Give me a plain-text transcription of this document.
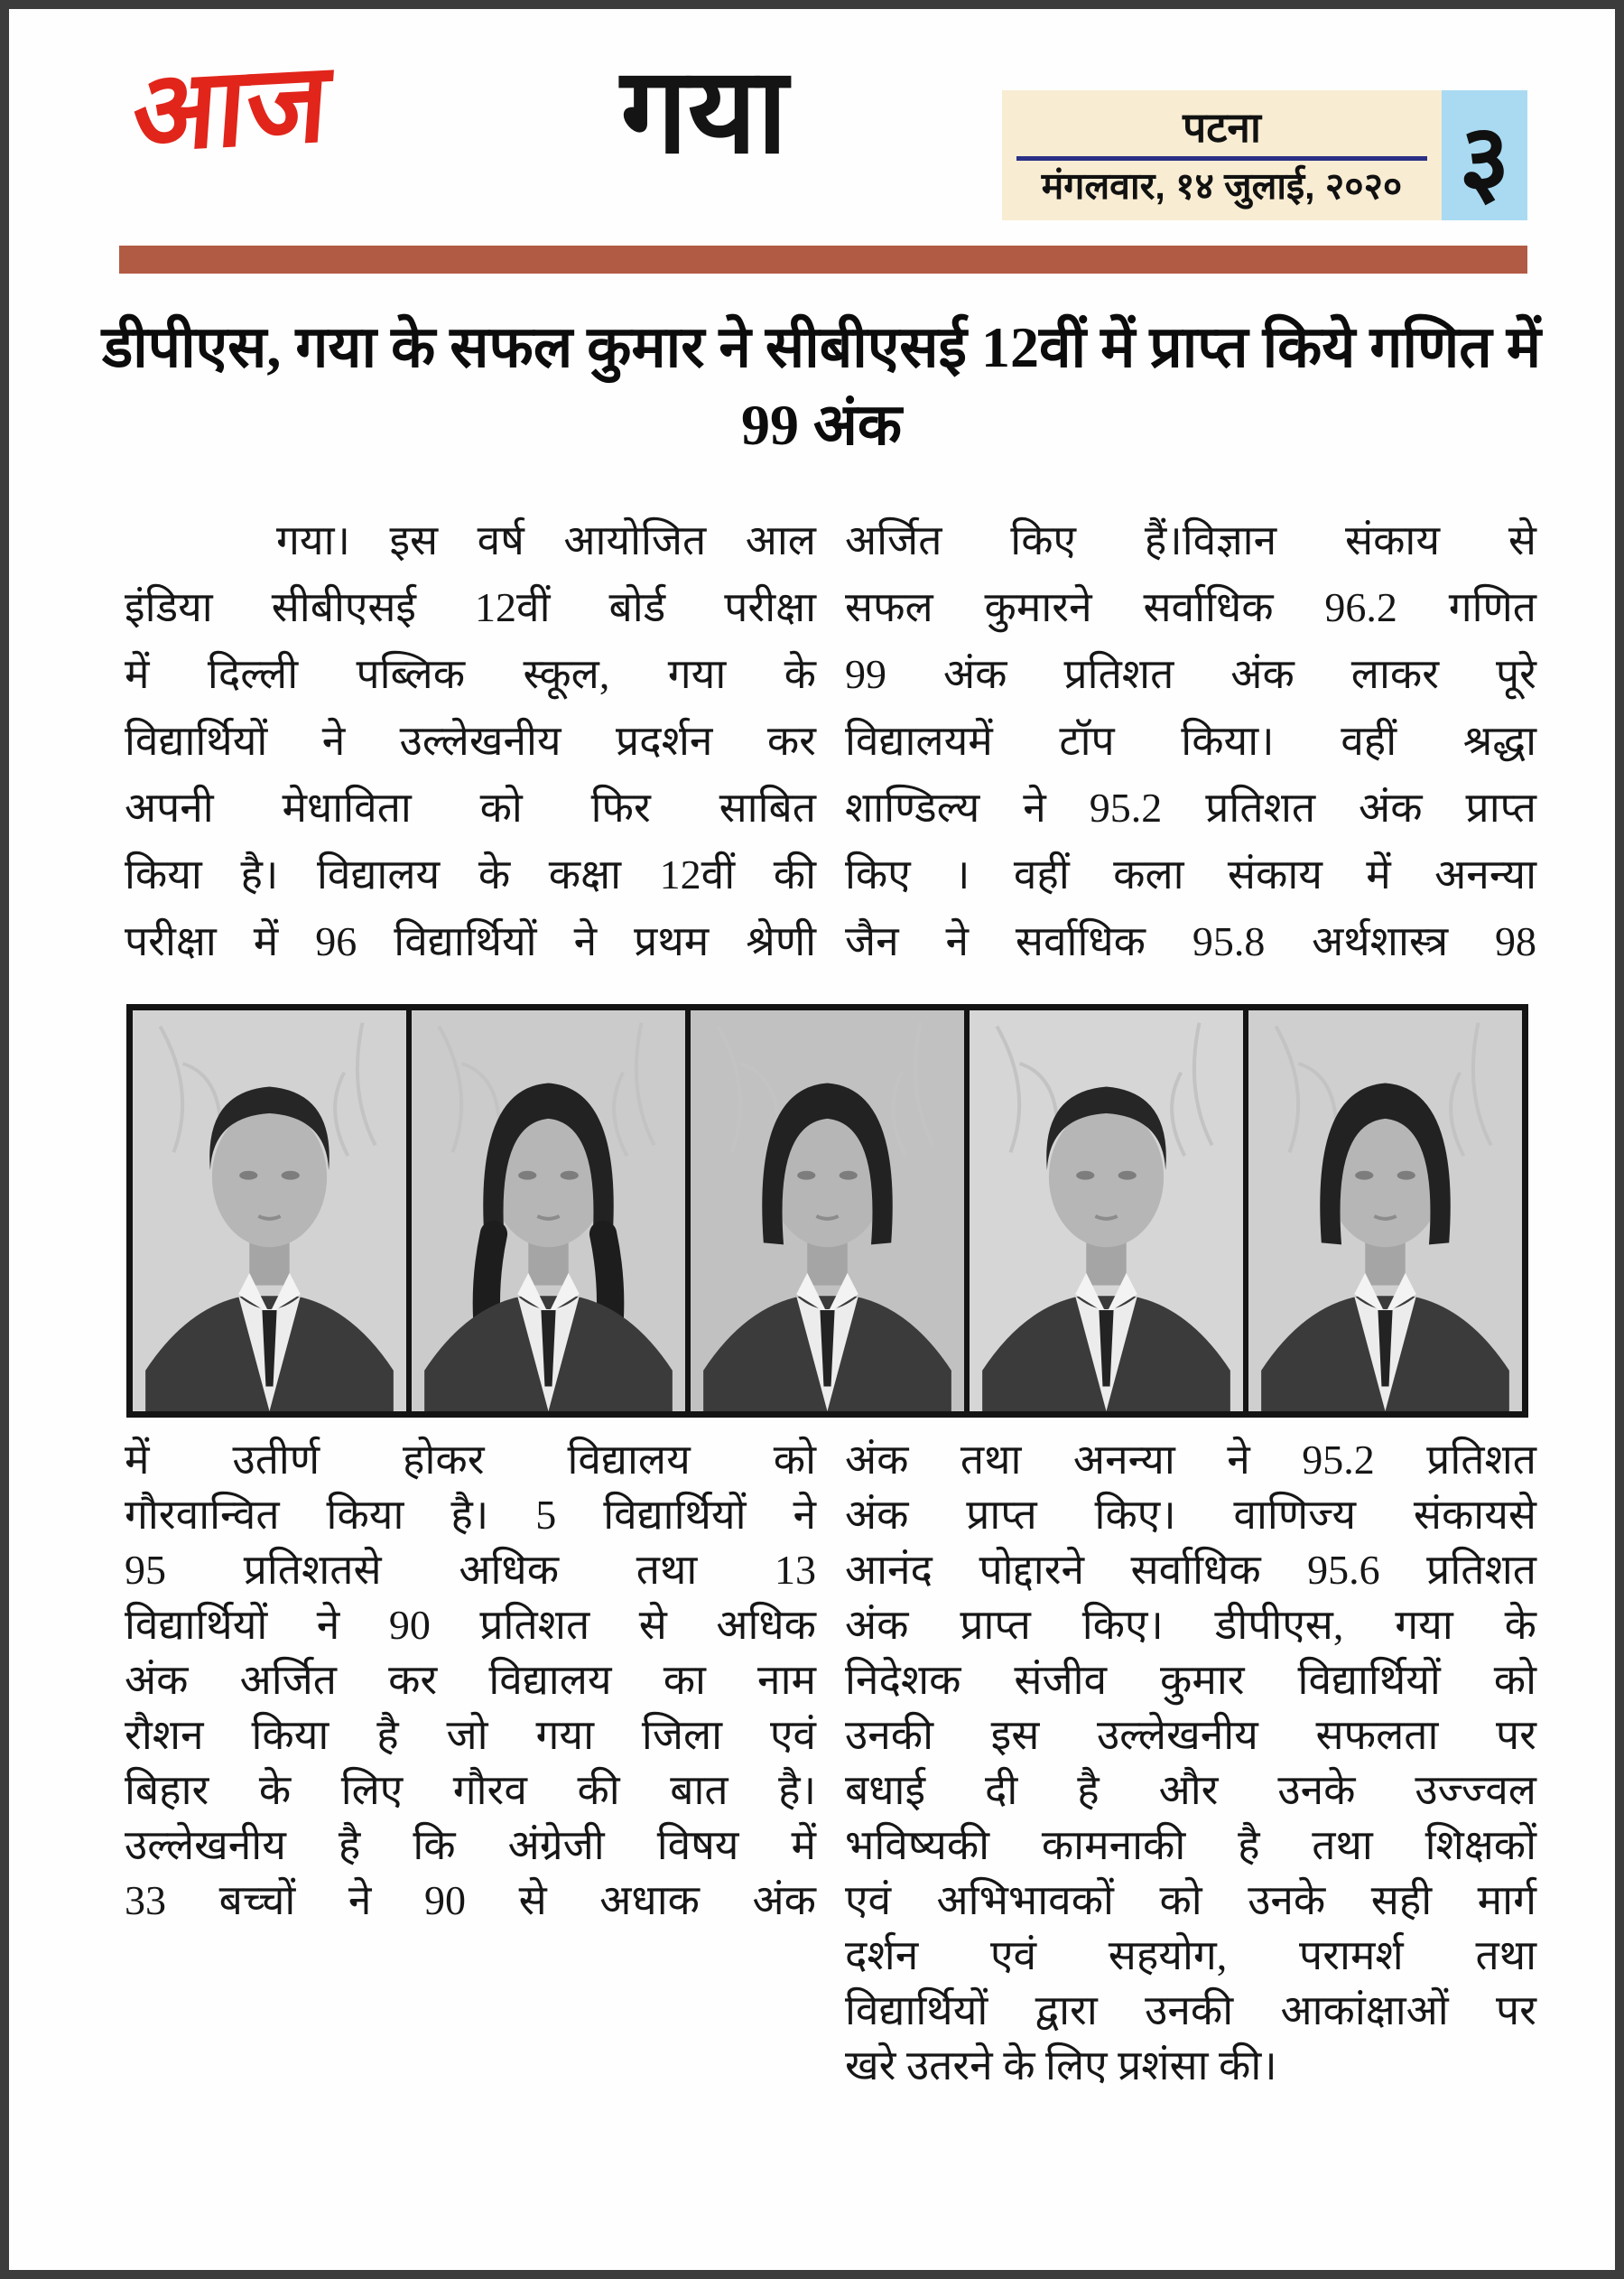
आज	गया	पटना
मंगलवार, १४ जुलाई, २०२० ३
डीपीएस, गया के सफल कुमार ने सीबीएसई 12वीं में प्राप्त किये गणित में 99 अंक
गया। इस वर्ष आयोजित आल
इंडिया सीबीएसई 12वीं बोर्ड परीक्षा
में दिल्ली पब्लिक स्कूल, गया के
विद्यार्थियों ने उल्लेखनीय प्रदर्शन कर
अपनी मेधाविता को फिर साबित
किया है। विद्यालय के कक्षा 12वीं की
परीक्षा में 96 विद्यार्थियों ने प्रथम श्रेणी
अर्जित किए हैं।विज्ञान संकाय से
सफल कुमारने सर्वाधिक 96.2 गणित
99 अंक प्रतिशत अंक लाकर पूरे
विद्यालयमें टॉप किया। वहीं श्रद्धा
शाण्डिल्य ने 95.2 प्रतिशत अंक प्राप्त
किए । वहीं कला संकाय में अनन्या
जैन ने सर्वाधिक 95.8 अर्थशास्त्र 98
में उतीर्ण होकर विद्यालय को
गौरवान्वित किया है। 5 विद्यार्थियों ने
95 प्रतिशतसे अधिक तथा 13
विद्यार्थियों ने 90 प्रतिशत से अधिक
अंक अर्जित कर विद्यालय का नाम
रौशन किया है जो गया जिला एवं
बिहार के लिए गौरव की बात है।
उल्लेखनीय है कि अंग्रेजी विषय में
33 बच्चों ने 90 से अधाक अंक
अंक तथा अनन्या ने 95.2 प्रतिशत
अंक प्राप्त किए। वाणिज्य संकायसे
आनंद पोद्दारने सर्वाधिक 95.6 प्रतिशत
अंक प्राप्त किए। डीपीएस, गया के
निदेशक संजीव कुमार विद्यार्थियों को
उनकी इस उल्लेखनीय सफलता पर
बधाई दी है और उनके उज्ज्वल
भविष्यकी कामनाकी है तथा शिक्षकों
एवं अभिभावकों को उनके सही मार्ग
दर्शन एवं सहयोग, परामर्श तथा
विद्यार्थियों द्वारा उनकी आकांक्षाओं पर
खरे उतरने के लिए प्रशंसा की।
